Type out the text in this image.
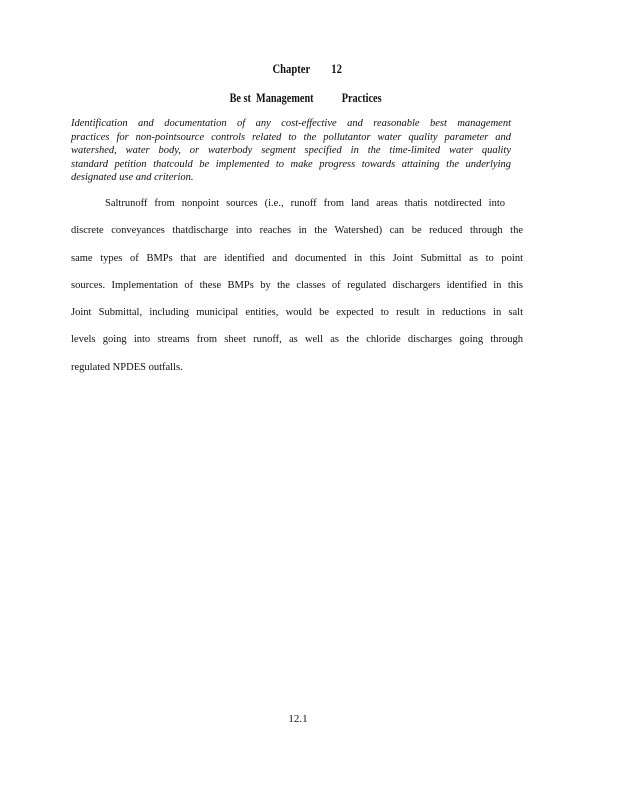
Chapter        12
Be st  Management           Practices
Identification and documentation of any cost-effective and reasonable best management
practices for non-pointsource controls related to the pollutantor water quality parameter and
watershed, water body, or waterbody segment specified in the time-limited water quality
standard petition thatcould be implemented to make progress towards attaining the underlying
designated use and criterion.
Saltrunoff from nonpoint sources (i.e., runoff from land areas thatis notdirected into
discrete conveyances thatdischarge into reaches in the Watershed) can be reduced through the
same types of BMPs that are identified and documented in this Joint Submittal as to point
sources. Implementation of these BMPs by the classes of regulated dischargers identified in this
Joint Submittal, including municipal entities, would be expected to result in reductions in salt
levels going into streams from sheet runoff, as well as the chloride discharges going through
regulated NPDES outfalls.
12.1
